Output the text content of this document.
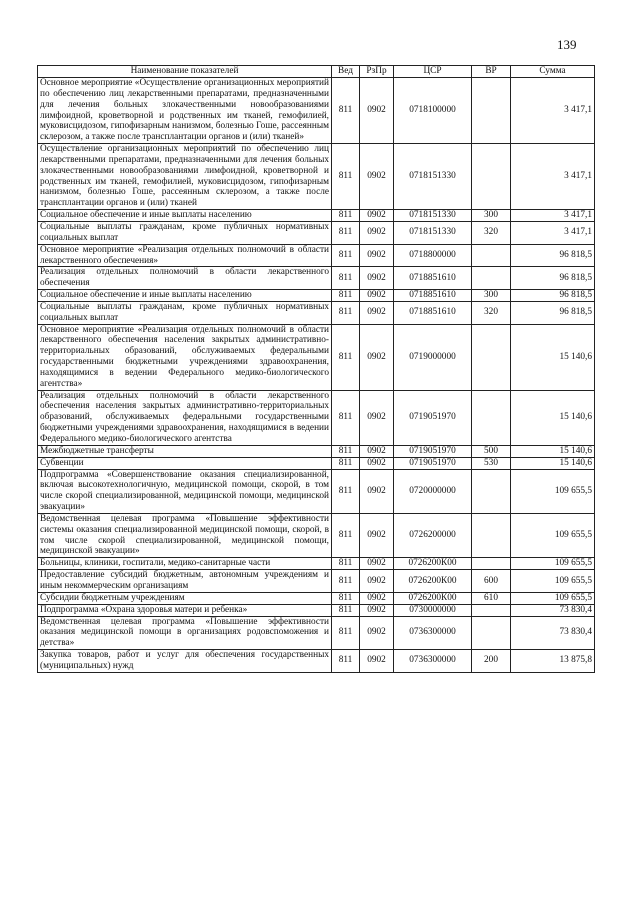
139
Наименование показателей	Вед	РзПр	ЦСР	ВР	Сумма
Основное мероприятие «Осуществление организационных мероприятий по обеспечению лиц лекарственными препаратами, предназначенными для лечения больных злокачественными новообразованиями лимфоидной, кроветворной и родственных им тканей, гемофилией, муковисцидозом, гипофизарным нанизмом, болезнью Гоше, рассеянным склерозом, а также после трансплантации органов и (или) тканей»	811	0902	0718100000		3 417,1
Осуществление организационных мероприятий по обеспечению лиц лекарственными препаратами, предназначенными для лечения больных злокачественными новообразованиями лимфоидной, кроветворной и родственных им тканей, гемофилией, муковисцидозом, гипофизарным нанизмом, болезнью Гоше, рассеянным склерозом, а также после трансплантации органов и (или) тканей	811	0902	0718151330		3 417,1
Социальное обеспечение и иные выплаты населению	811	0902	0718151330	300	3 417,1
Социальные выплаты гражданам, кроме публичных нормативных социальных выплат	811	0902	0718151330	320	3 417,1
Основное мероприятие «Реализация отдельных полномочий в области лекарственного обеспечения»	811	0902	0718800000		96 818,5
Реализация отдельных полномочий в области лекарственного обеспечения	811	0902	0718851610		96 818,5
Социальное обеспечение и иные выплаты населению	811	0902	0718851610	300	96 818,5
Социальные выплаты гражданам, кроме публичных нормативных социальных выплат	811	0902	0718851610	320	96 818,5
Основное мероприятие «Реализация отдельных полномочий в области лекарственного обеспечения населения закрытых административно-территориальных образований, обслуживаемых федеральными государственными бюджетными учреждениями здравоохранения, находящимися в ведении Федерального медико-биологического агентства»	811	0902	0719000000		15 140,6
Реализация отдельных полномочий в области лекарственного обеспечения населения закрытых административно-территориальных образований, обслуживаемых федеральными государственными бюджетными учреждениями здравоохранения, находящимися в ведении Федерального медико-биологического агентства	811	0902	0719051970		15 140,6
Межбюджетные трансферты	811	0902	0719051970	500	15 140,6
Субвенции	811	0902	0719051970	530	15 140,6
Подпрограмма «Совершенствование оказания специализированной, включая высокотехнологичную, медицинской помощи, скорой, в том числе скорой специализированной, медицинской помощи, медицинской эвакуации»	811	0902	0720000000		109 655,5
Ведомственная целевая программа «Повышение эффективности системы оказания специализированной медицинской помощи, скорой, в том числе скорой специализированной, медицинской помощи, медицинской эвакуации»	811	0902	0726200000		109 655,5
Больницы, клиники, госпитали, медико-санитарные части	811	0902	0726200К00		109 655,5
Предоставление субсидий бюджетным, автономным учреждениям и иным некоммерческим организациям	811	0902	0726200К00	600	109 655,5
Субсидии бюджетным учреждениям	811	0902	0726200К00	610	109 655,5
Подпрограмма «Охрана здоровья матери и ребенка»	811	0902	0730000000		73 830,4
Ведомственная целевая программа «Повышение эффективности оказания медицинской помощи в организациях родовспоможения и детства»	811	0902	0736300000		73 830,4
Закупка товаров, работ и услуг для обеспечения государственных (муниципальных) нужд	811	0902	0736300000	200	13 875,8
